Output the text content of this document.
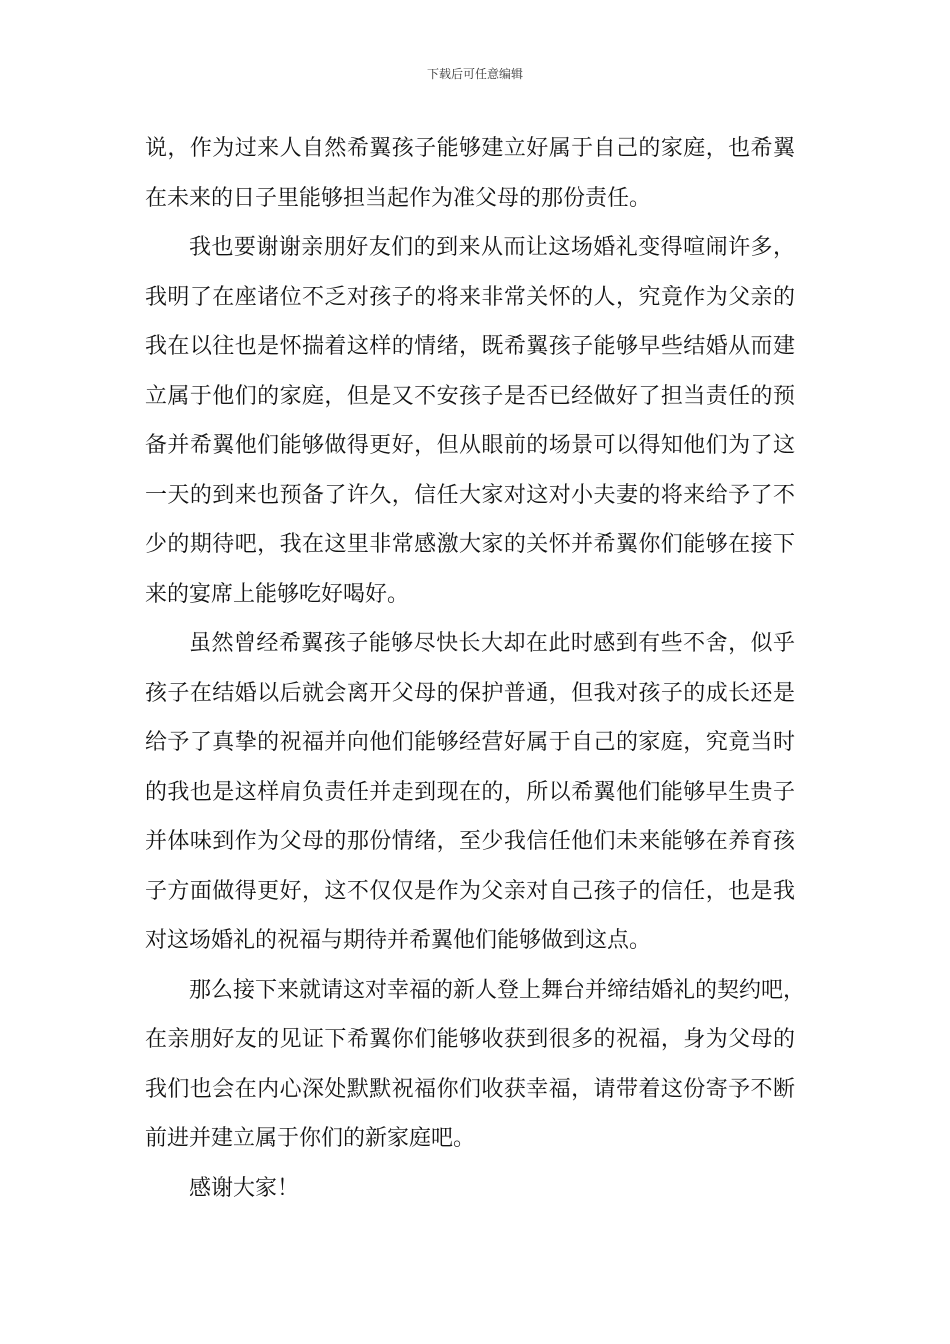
下载后可任意编辑
说，作为过来人自然希翼孩子能够建立好属于自己的家庭，也希翼
在未来的日子里能够担当起作为准父母的那份责任。
我也要谢谢亲朋好友们的到来从而让这场婚礼变得喧闹许多，
我明了在座诸位不乏对孩子的将来非常关怀的人，究竟作为父亲的
我在以往也是怀揣着这样的情绪，既希翼孩子能够早些结婚从而建
立属于他们的家庭，但是又不安孩子是否已经做好了担当责任的预
备并希翼他们能够做得更好，但从眼前的场景可以得知他们为了这
一天的到来也预备了许久，信任大家对这对小夫妻的将来给予了不
少的期待吧，我在这里非常感激大家的关怀并希翼你们能够在接下
来的宴席上能够吃好喝好。
虽然曾经希翼孩子能够尽快长大却在此时感到有些不舍，似乎
孩子在结婚以后就会离开父母的保护普通，但我对孩子的成长还是
给予了真挚的祝福并向他们能够经营好属于自己的家庭，究竟当时
的我也是这样肩负责任并走到现在的，所以希翼他们能够早生贵子
并体味到作为父母的那份情绪，至少我信任他们未来能够在养育孩
子方面做得更好，这不仅仅是作为父亲对自己孩子的信任，也是我
对这场婚礼的祝福与期待并希翼他们能够做到这点。
那么接下来就请这对幸福的新人登上舞台并缔结婚礼的契约吧，
在亲朋好友的见证下希翼你们能够收获到很多的祝福，身为父母的
我们也会在内心深处默默祝福你们收获幸福，请带着这份寄予不断
前进并建立属于你们的新家庭吧。
感谢大家！
